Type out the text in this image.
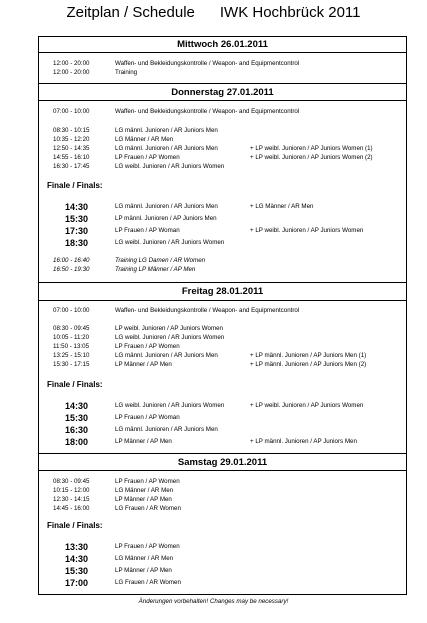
Zeitplan / Schedule      IWK Hochbrück 2011
Mittwoch 26.01.2011
12:00 - 20:00	Waffen- und Bekleidungskontrolle / Weapon- and Equipmentcontrol
12:00 - 20:00	Training
Donnerstag 27.01.2011
07:00 - 10:00	Waffen- und Bekleidungskontrolle / Weapon- and Equipmentcontrol
08:30 - 10:15	LG männl. Junioren / AR Juniors Men
10:35 - 12:20	LG Männer / AR Men
12:50 - 14:35	LG männl. Junioren / AR Juniors Men	+ LP weibl. Junioren / AP Juniors Women (1)
14:55 - 16:10	LP Frauen / AP Women	+ LP weibl. Junioren / AP Juniors Women (2)
16:30 - 17:45	LG weibl. Junioren / AR Juniors Women
Finale / Finals:
14:30	LG männl. Junioren / AR Juniors Men	+ LG Männer / AR Men
15:30	LP männl. Junioren / AP Juniors Men
17:30	LP Frauen / AP Woman	+ LP weibl. Junioren / AP Juniors Women
18:30	LG weibl. Junioren / AR Juniors Women
16:00 - 16:40	Training LG Damen / AR Women
16:50 - 19:30	Training LP Männer / AP Men
Freitag 28.01.2011
07:00 - 10:00	Waffen- und Bekleidungskontrolle / Weapon- and Equipmentcontrol
08:30 - 09:45	LP weibl. Junioren / AP Juniors Women
10:05 - 11:20	LG weibl. Junioren / AR Juniors Women
11:50 - 13:05	LP Frauen / AP Women
13:25 - 15:10	LG männl. Junioren / AR Juniors Men	+ LP männl. Junioren / AP Juniors Men (1)
15:30 - 17:15	LP Männer / AP Men	+ LP männl. Junioren / AP Juniors Men (2)
Finale / Finals:
14:30	LG weibl. Junioren / AR Juniors Women	+ LP weibl. Junioren / AP Juniors Women
15:30	LP Frauen / AP Woman
16:30	LG männl. Junioren / AR Juniors Men
18:00	LP Männer / AP Men	+ LP männl. Junioren / AP Juniors Men
Samstag 29.01.2011
08:30 - 09:45	LP Frauen / AP Women
10:15 - 12:00	LG Männer / AR Men
12:30 - 14:15	LP Männer / AP Men
14:45 - 16:00	LG Frauen / AR Women
Finale / Finals:
13:30	LP Frauen / AP Women
14:30	LG Männer / AR Men
15:30	LP Männer / AP Men
17:00	LG Frauen / AR Women
Änderungen vorbehalten! Changes may be necessary!
